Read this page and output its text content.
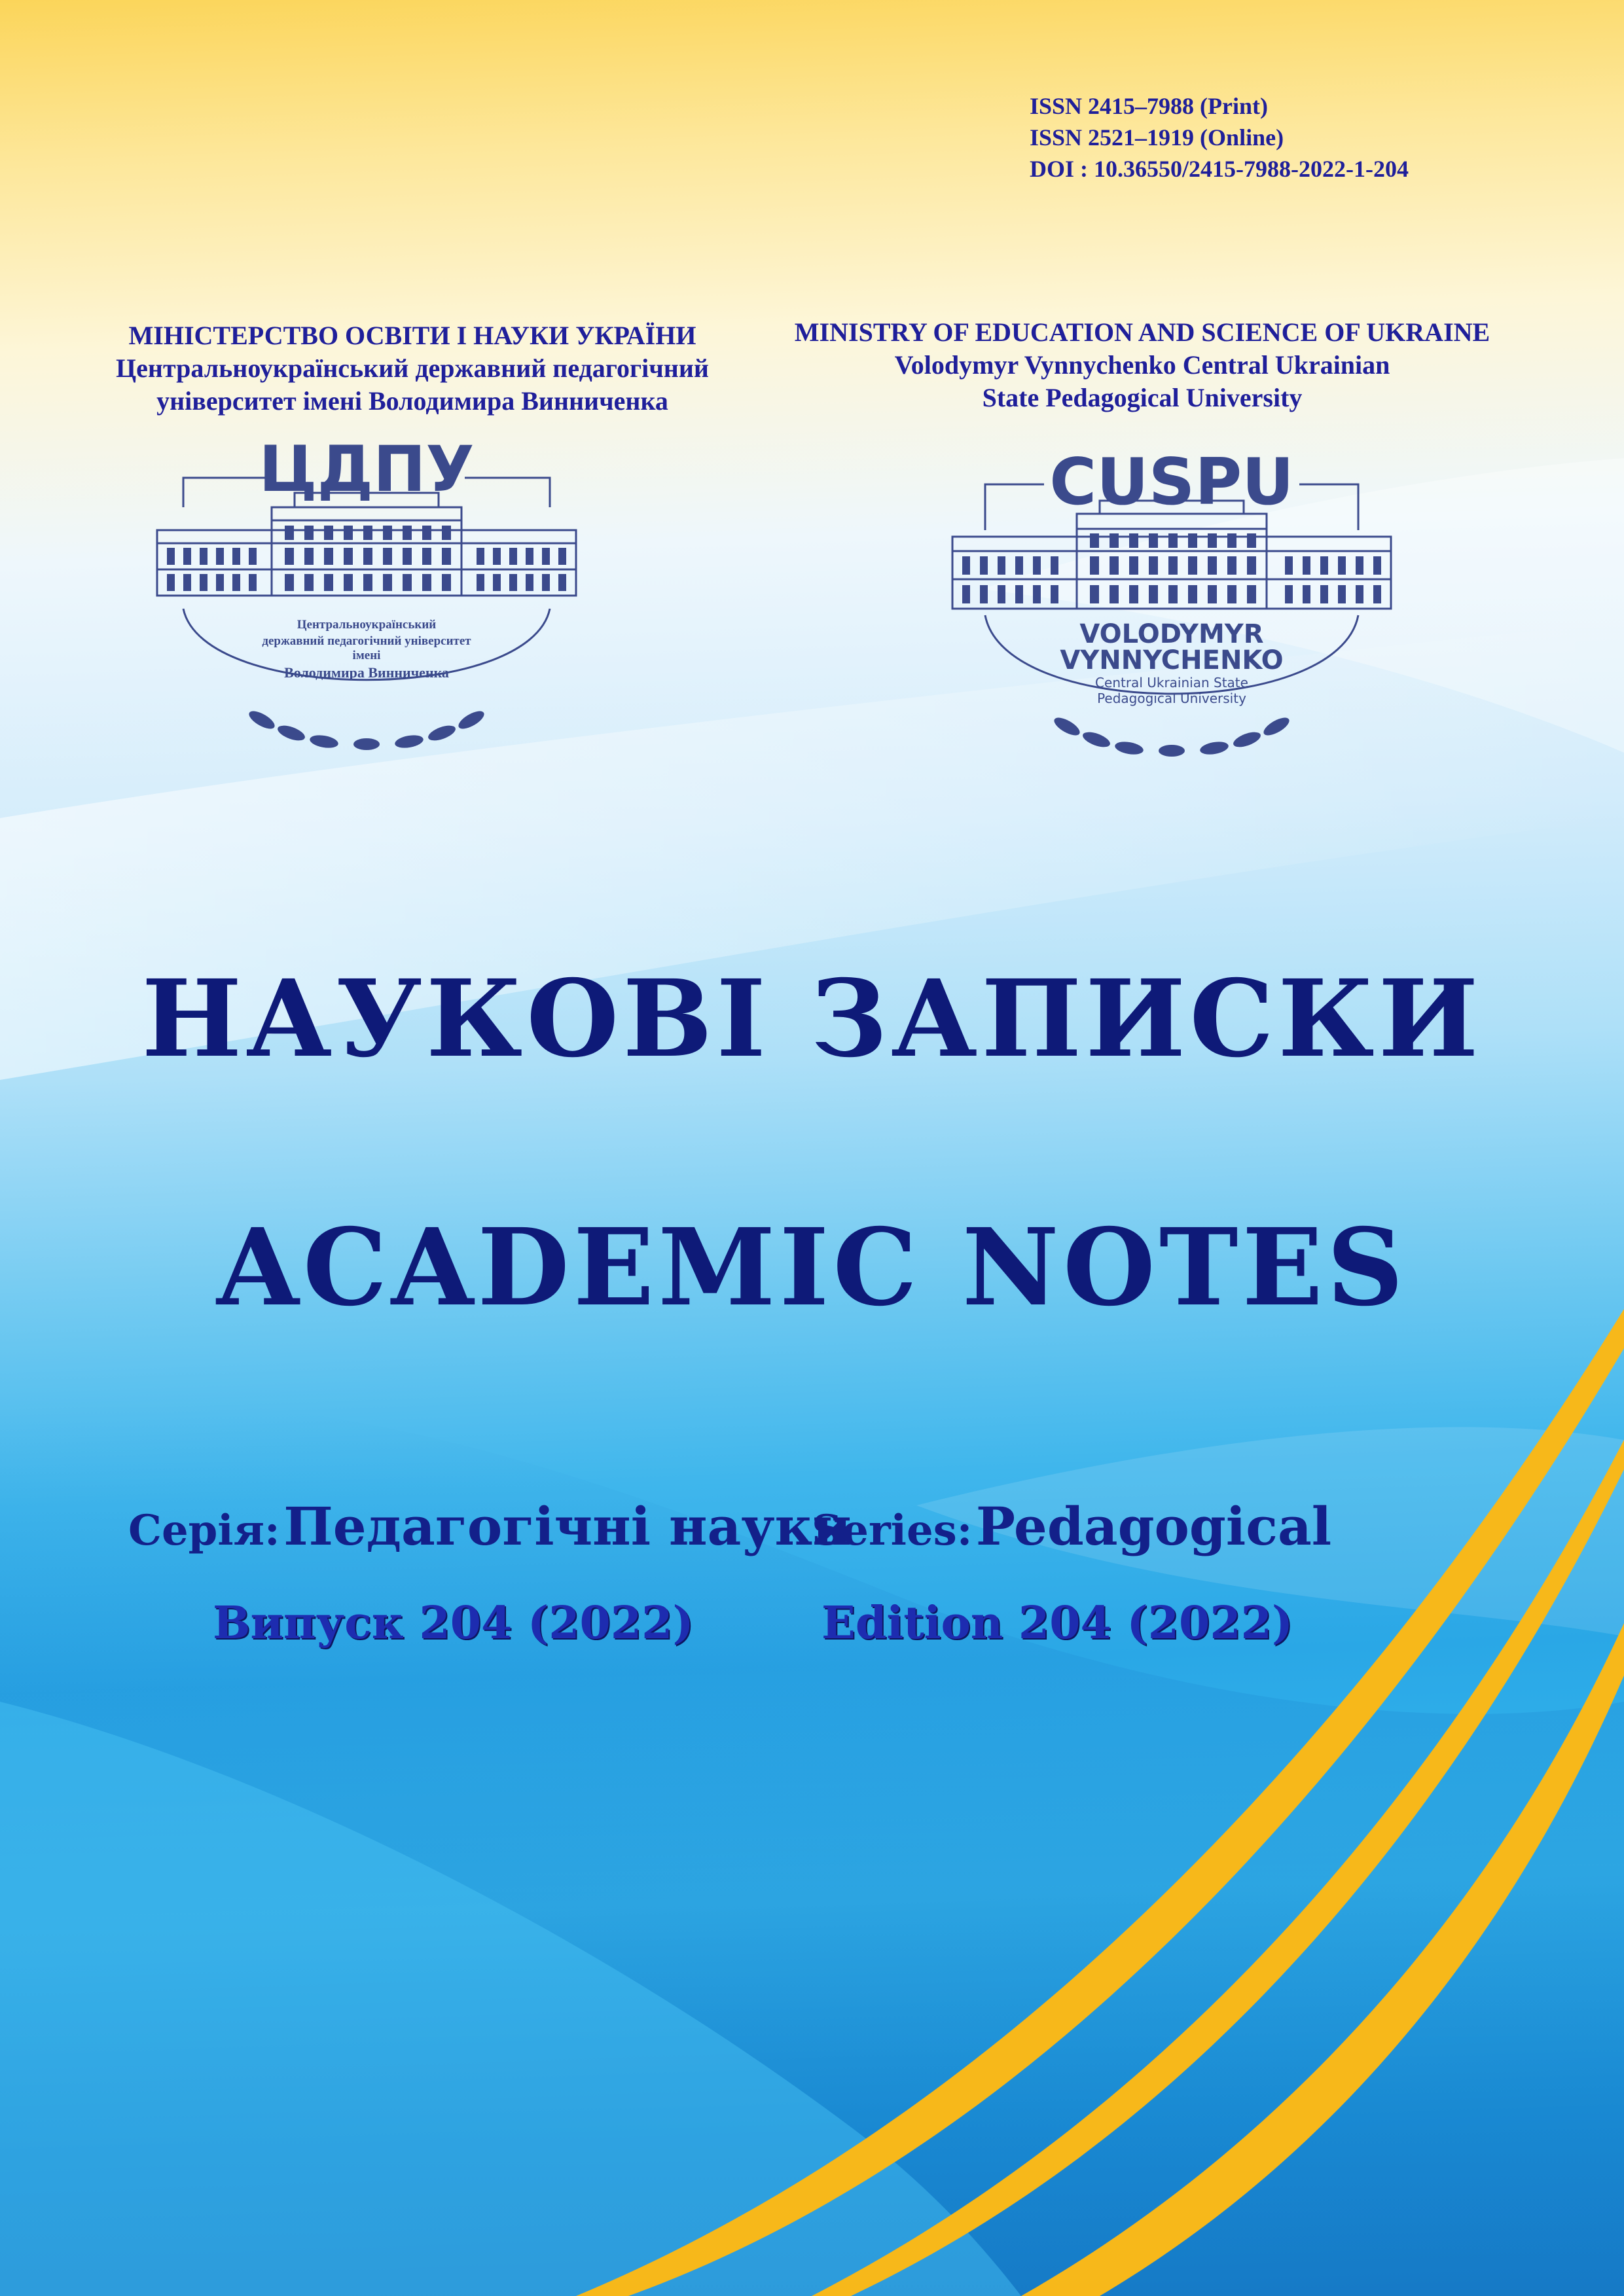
ISSN 2415–7988 (Print)
ISSN 2521–1919 (Online)
DOI : 10.36550/2415-7988-2022-1-204
МІНІСТЕРСТВО ОСВІТИ І НАУКИ УКРАЇНИ
Центральноукраїнський державний педагогічний
університет імені Володимира Винниченка
MINISTRY OF EDUCATION AND SCIENCE OF UKRAINE
Volodymyr Vynnychenko Central Ukrainian
State Pedagogical University
ЦДПУ
Центральноукраїнський
державний педагогічний університет
імені
Володимира Винниченка
CUSPU
VOLODYMYR
VYNNYCHENKO
Central Ukrainian State
Pedagogical University
НАУКОВІ ЗАПИСКИ
ACADEMIC NOTES
Серія: Педагогічні науки
Series: Pedagogical
Випуск 204 (2022)	Edition 204 (2022)
